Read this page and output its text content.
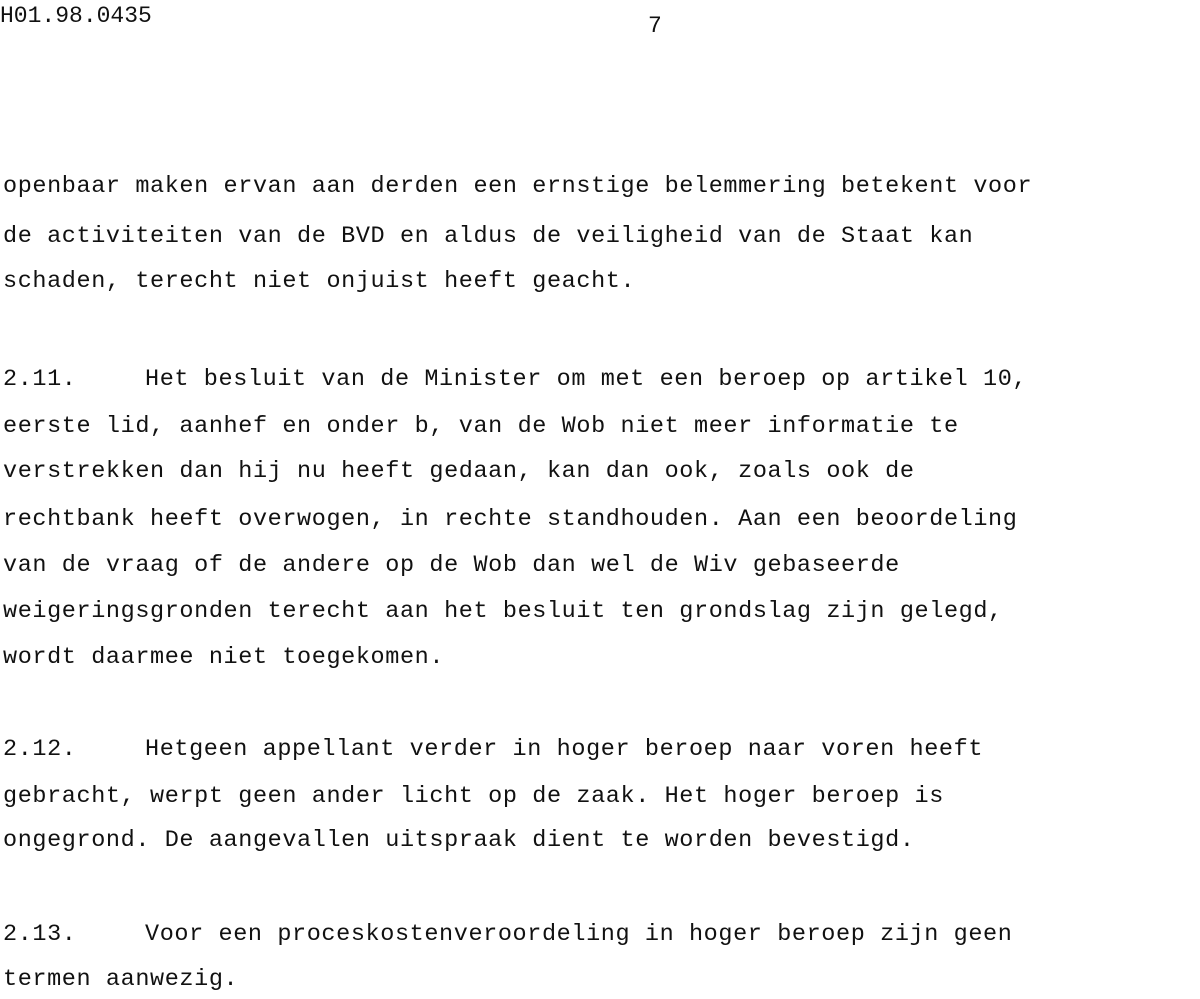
H01.98.0435	7
openbaar maken ervan aan derden een ernstige belemmering betekent voor
de activiteiten van de BVD en aldus de veiligheid van de Staat kan
schaden, terecht niet onjuist heeft geacht.
2.11.	Het besluit van de Minister om met een beroep op artikel 10,
eerste lid, aanhef en onder b, van de Wob niet meer informatie te
verstrekken dan hij nu heeft gedaan, kan dan ook, zoals ook de
rechtbank heeft overwogen, in rechte standhouden. Aan een beoordeling
van de vraag of de andere op de Wob dan wel de Wiv gebaseerde
weigeringsgronden terecht aan het besluit ten grondslag zijn gelegd,
wordt daarmee niet toegekomen.
2.12.	Hetgeen appellant verder in hoger beroep naar voren heeft
gebracht, werpt geen ander licht op de zaak. Het hoger beroep is
ongegrond. De aangevallen uitspraak dient te worden bevestigd.
2.13.	Voor een proceskostenveroordeling in hoger beroep zijn geen
termen aanwezig.
